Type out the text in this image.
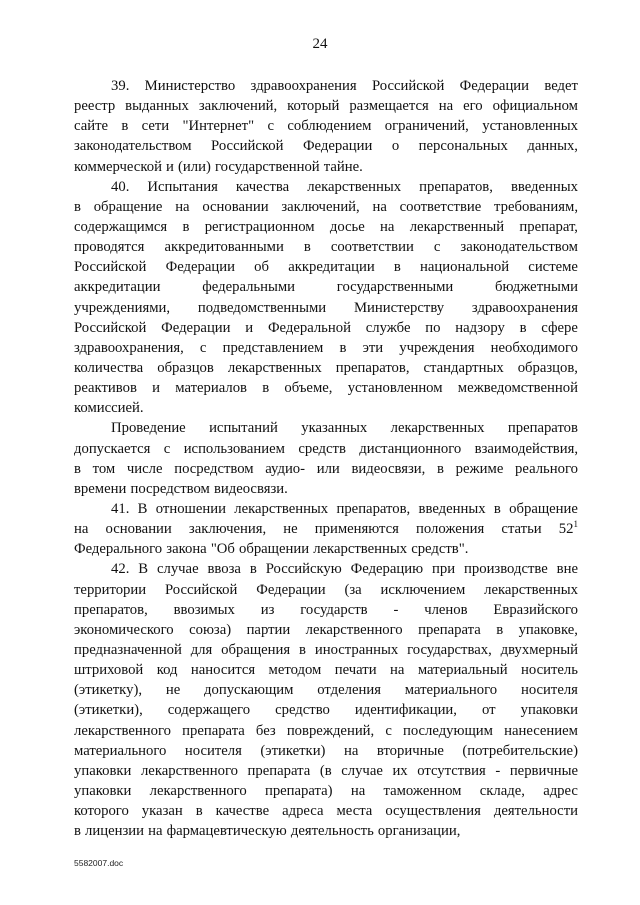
24
39. Министерство здравоохранения Российской Федерации ведет
реестр выданных заключений, который размещается на его официальном
сайте в сети "Интернет" с соблюдением ограничений, установленных
законодательством Российской Федерации о персональных данных,
коммерческой и (или) государственной тайне.
40. Испытания качества лекарственных препаратов, введенных
в обращение на основании заключений, на соответствие требованиям,
содержащимся в регистрационном досье на лекарственный препарат,
проводятся аккредитованными в соответствии с законодательством
Российской Федерации об аккредитации в национальной системе
аккредитации	федеральными	государственными	бюджетными
учреждениями, подведомственными Министерству здравоохранения
Российской Федерации и Федеральной службе по надзору в сфере
здравоохранения, с представлением в эти учреждения необходимого
количества образцов лекарственных препаратов, стандартных образцов,
реактивов и материалов в объеме, установленном межведомственной
комиссией.
Проведение испытаний указанных лекарственных препаратов
допускается с использованием средств дистанционного взаимодействия,
в том числе посредством аудио- или видеосвязи, в режиме реального
времени посредством видеосвязи.
41. В отношении лекарственных препаратов, введенных в обращение
на основании заключения, не применяются положения статьи $52^1$
Федерального закона "Об обращении лекарственных средств".
42. В случае ввоза в Российскую Федерацию при производстве вне
территории Российской Федерации (за исключением лекарственных
препаратов, ввозимых из государств - членов Евразийского
экономического союза) партии лекарственного препарата в упаковке,
предназначенной для обращения в иностранных государствах, двухмерный
штриховой код наносится методом печати на материальный носитель
(этикетку), не допускающим отделения материального носителя
(этикетки), содержащего средство идентификации, от упаковки
лекарственного препарата без повреждений, с последующим нанесением
материального носителя (этикетки) на вторичные (потребительские)
упаковки лекарственного препарата (в случае их отсутствия - первичные
упаковки лекарственного препарата) на таможенном складе, адрес
которого указан в качестве адреса места осуществления деятельности
в лицензии на фармацевтическую деятельность организации,
5582007.doc
